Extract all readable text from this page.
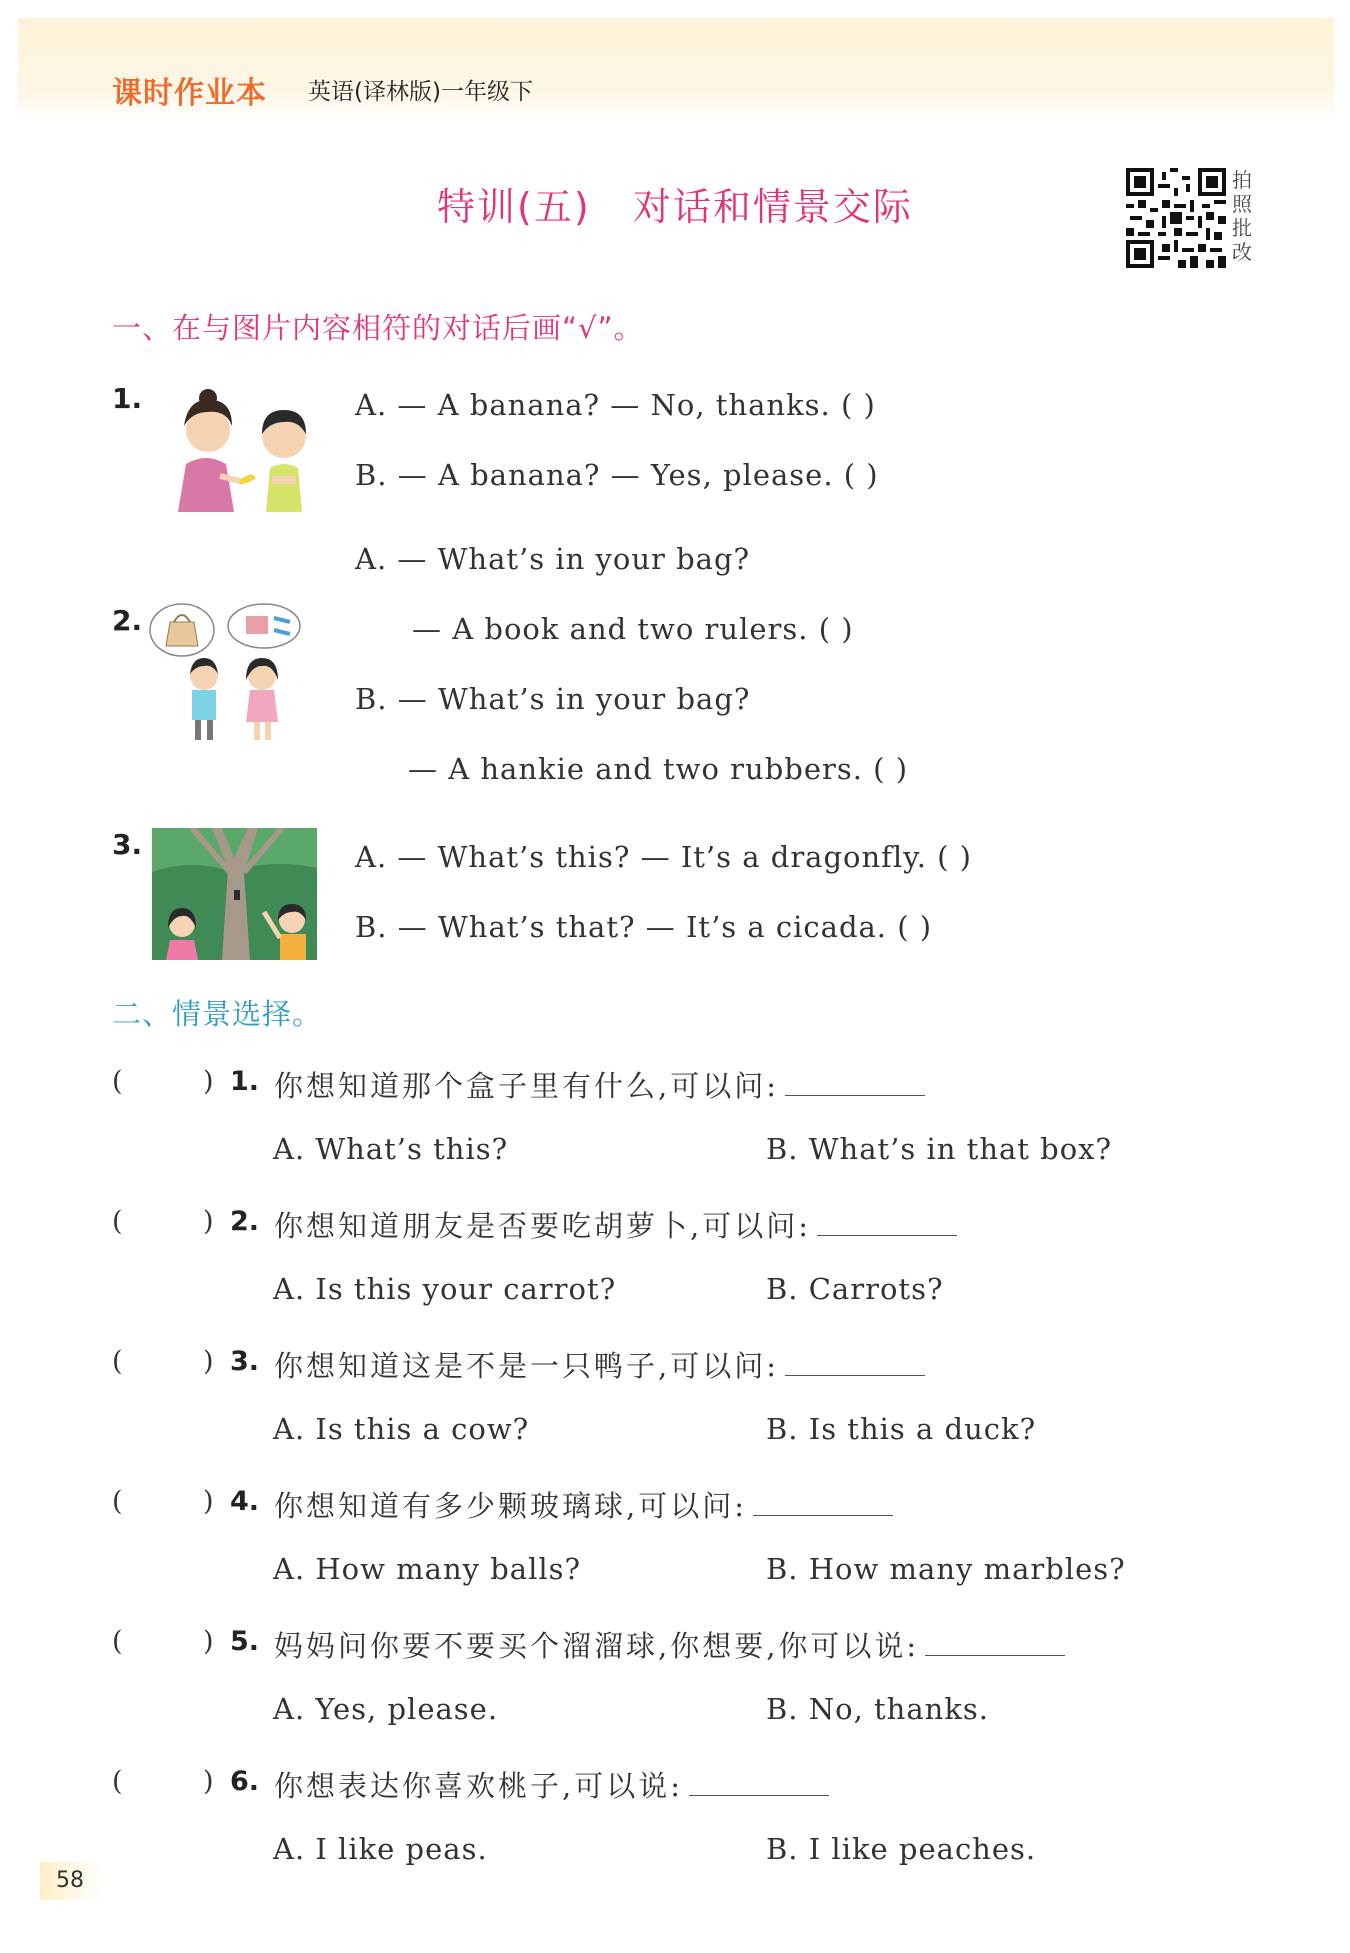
课时作业本 英语(译林版)一年级下
特训(五)   对话和情景交际
拍
照
批
改
一、在与图片内容相符的对话后画“√”。
1.	A. — A banana? — No, thanks. ( )
B. — A banana? — Yes, please. ( )
2.
A. — What’s in your bag?
— A book and two rulers. ( )
B. — What’s in your bag?
— A hankie and two rubbers. ( )
3.	A. — What’s this? — It’s a dragonfly. ( )
B. — What’s that? — It’s a cicada. ( )
二、情景选择。
(	) 1. 你想知道那个盒子里有什么,可以问:
A. What’s this?	B. What’s in that box?
(	) 2. 你想知道朋友是否要吃胡萝卜,可以问:
A. Is this your carrot?	B. Carrots?
(	) 3. 你想知道这是不是一只鸭子,可以问:
A. Is this a cow?	B. Is this a duck?
(	) 4. 你想知道有多少颗玻璃球,可以问:
A. How many balls?	B. How many marbles?
(	) 5. 妈妈问你要不要买个溜溜球,你想要,你可以说:
A. Yes, please.	B. No, thanks.
(	) 6. 你想表达你喜欢桃子,可以说:
A. I like peas.	B. I like peaches.
58
